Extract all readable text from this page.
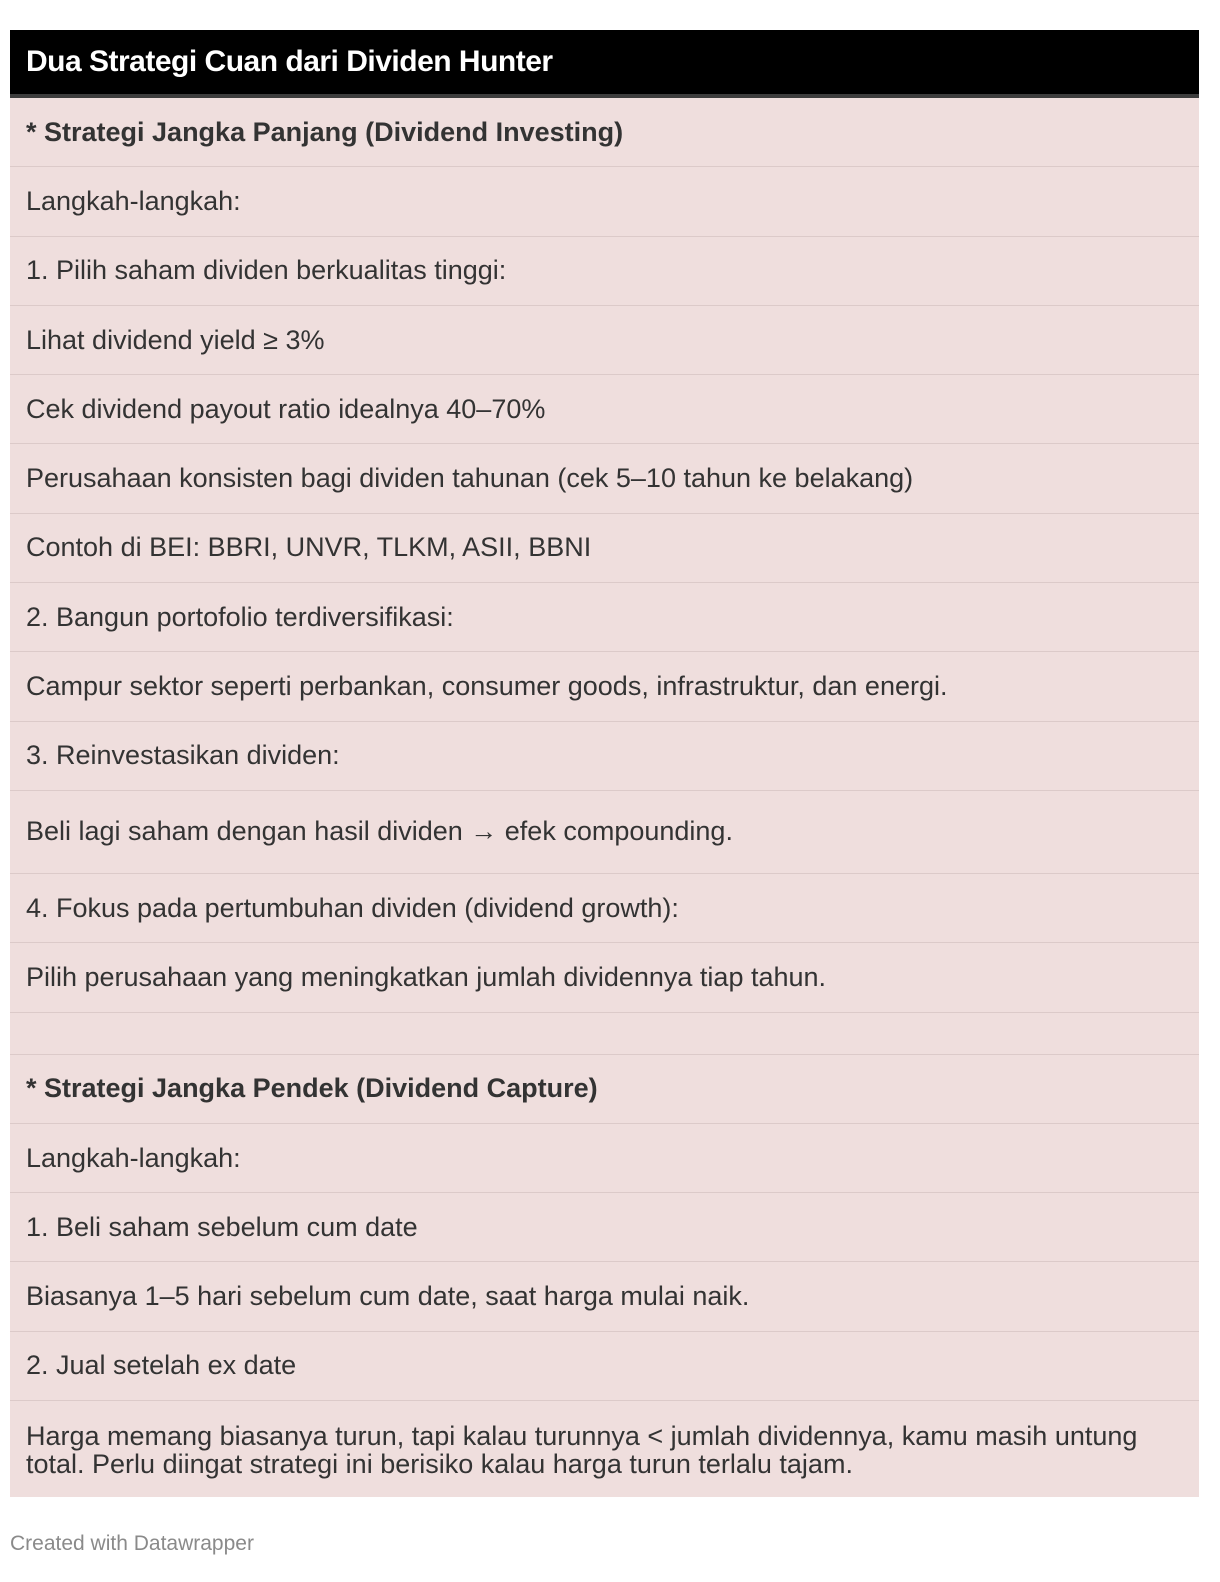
Dua Strategi Cuan dari Dividen Hunter
* Strategi Jangka Panjang (Dividend Investing)
Langkah-langkah:
1. Pilih saham dividen berkualitas tinggi:
Lihat dividend yield ≥ 3%
Cek dividend payout ratio idealnya 40–70%
Perusahaan konsisten bagi dividen tahunan (cek 5–10 tahun ke belakang)
Contoh di BEI: BBRI, UNVR, TLKM, ASII, BBNI
2. Bangun portofolio terdiversifikasi:
Campur sektor seperti perbankan, consumer goods, infrastruktur, dan energi.
3. Reinvestasikan dividen:
Beli lagi saham dengan hasil dividen → efek compounding.
4. Fokus pada pertumbuhan dividen (dividend growth):
Pilih perusahaan yang meningkatkan jumlah dividennya tiap tahun.
* Strategi Jangka Pendek (Dividend Capture)
Langkah-langkah:
1. Beli saham sebelum cum date
Biasanya 1–5 hari sebelum cum date, saat harga mulai naik.
2. Jual setelah ex date
Harga memang biasanya turun, tapi kalau turunnya < jumlah dividennya, kamu masih untung total. Perlu diingat strategi ini berisiko kalau harga turun terlalu tajam.
Created with Datawrapper
